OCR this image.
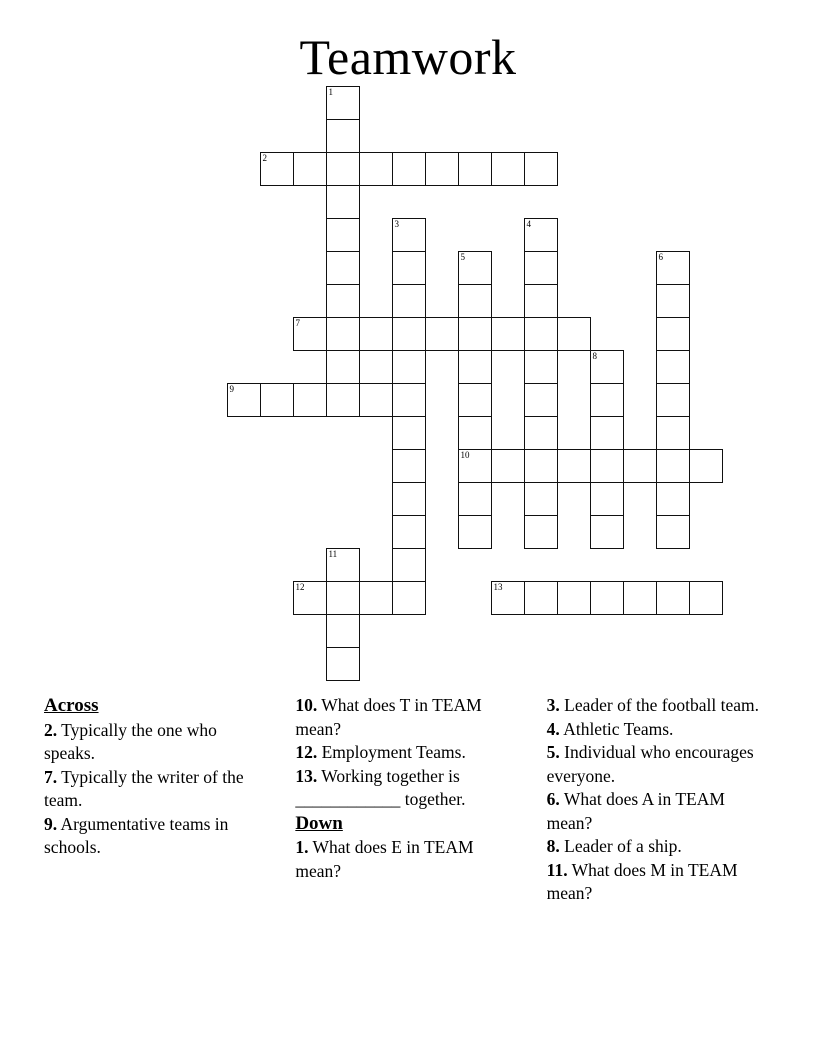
Teamwork
1
2
3	4
5	6
7
8
9
10
11
12	13
Across

2. Typically the one who speaks.

7. Typically the writer of the team.

9. Argumentative teams in schools.

10. What does T in TEAM mean?

12. Employment Teams.

13. Working together is ____________ together.

Down

1. What does E in TEAM mean?

3. Leader of the football team.

4. Athletic Teams.

5. Individual who encourages everyone.

6. What does A in TEAM mean?

8. Leader of a ship.

11. What does M in TEAM mean?
